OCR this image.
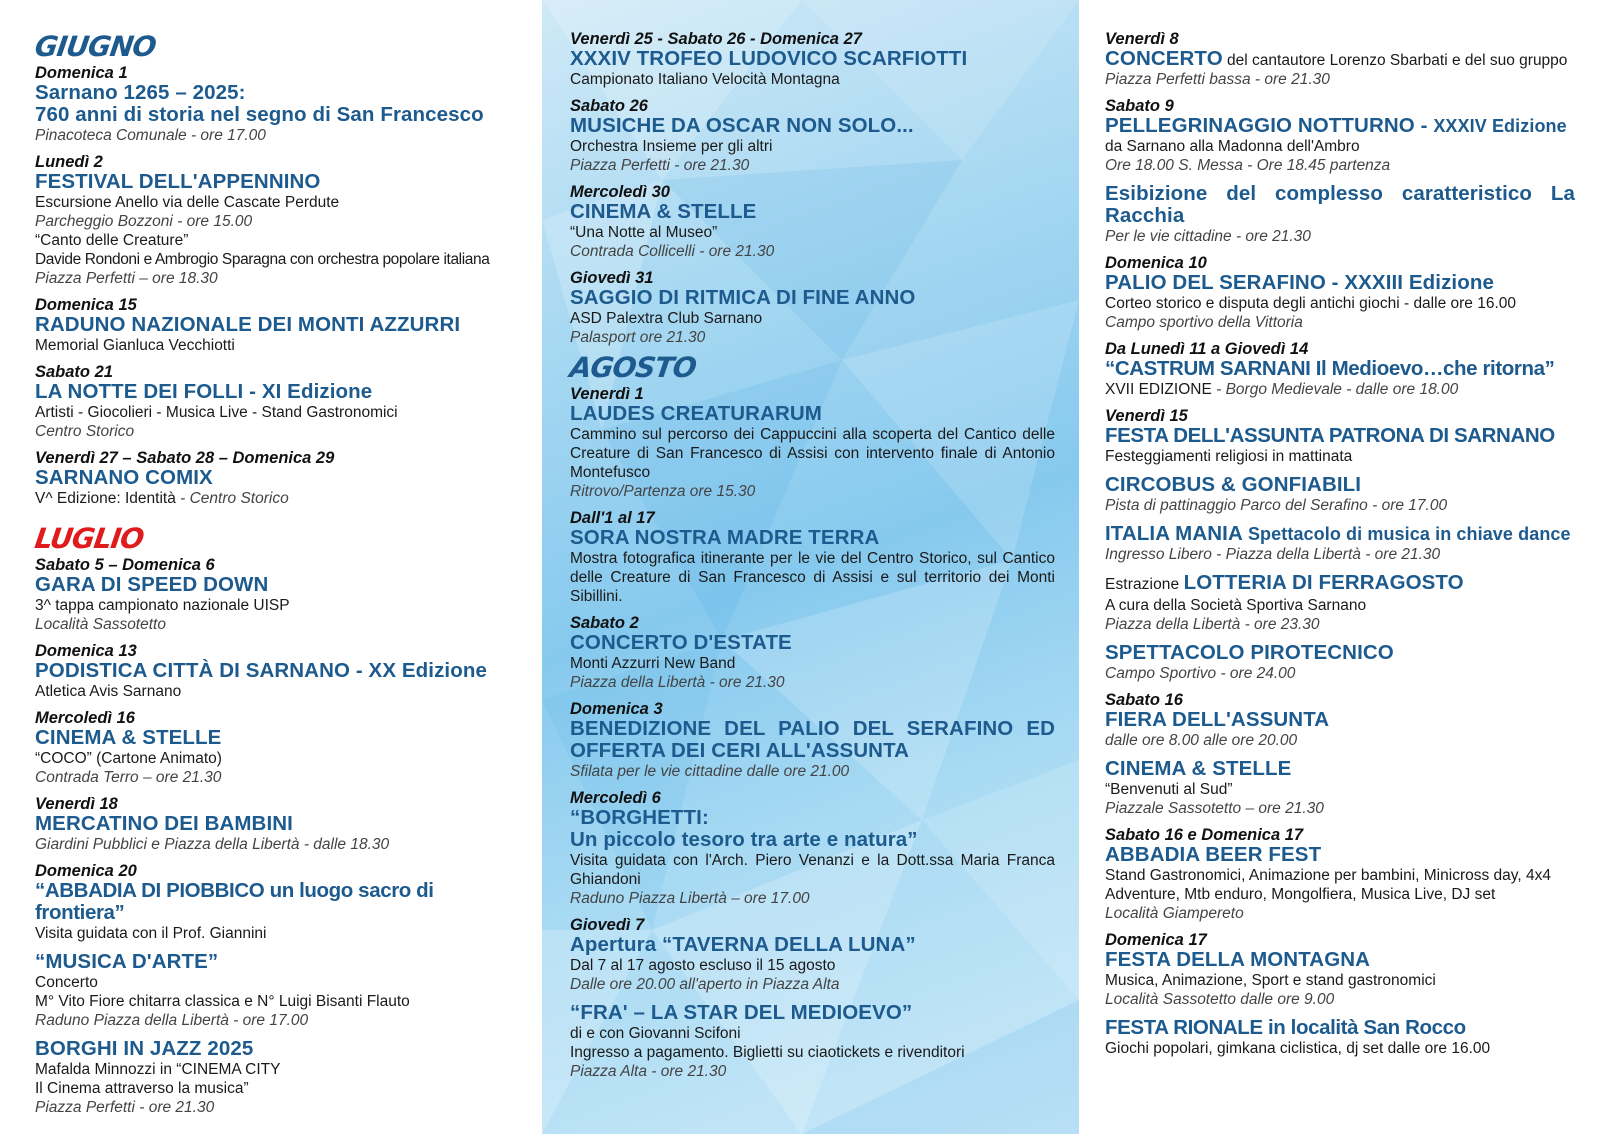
GIUGNO
Domenica 1
Sarnano 1265 – 2025:
760 anni di storia nel segno di San Francesco
Pinacoteca Comunale - ore 17.00
Lunedì 2
FESTIVAL DELL'APPENNINO
Escursione Anello via delle Cascate Perdute
Parcheggio Bozzoni - ore 15.00
“Canto delle Creature”
Davide Rondoni e Ambrogio Sparagna con orchestra popolare italiana
Piazza Perfetti – ore 18.30
Domenica 15
RADUNO NAZIONALE DEI MONTI AZZURRI
Memorial Gianluca Vecchiotti
Sabato 21
LA NOTTE DEI FOLLI - XI Edizione
Artisti - Giocolieri - Musica Live - Stand Gastronomici
Centro Storico
Venerdì 27 – Sabato 28 – Domenica 29
SARNANO COMIX
V^ Edizione: Identità - Centro Storico
LUGLIO
Sabato 5 – Domenica 6
GARA DI SPEED DOWN
3^ tappa campionato nazionale UISP
Località Sassotetto
Domenica 13
PODISTICA CITTÀ DI SARNANO - XX Edizione
Atletica Avis Sarnano
Mercoledì 16
CINEMA & STELLE
“COCO” (Cartone Animato)
Contrada Terro – ore 21.30
Venerdì 18
MERCATINO DEI BAMBINI
Giardini Pubblici e Piazza della Libertà - dalle 18.30
Domenica 20
“ABBADIA DI PIOBBICO un luogo sacro di frontiera”
Visita guidata con il Prof. Giannini
“MUSICA D'ARTE”
Concerto
M° Vito Fiore chitarra classica e N° Luigi Bisanti Flauto
Raduno Piazza della Libertà - ore 17.00
BORGHI IN JAZZ 2025
Mafalda Minnozzi in “CINEMA CITY
Il Cinema attraverso la musica”
Piazza Perfetti - ore 21.30
Venerdì 25 - Sabato 26 - Domenica 27
XXXIV TROFEO LUDOVICO SCARFIOTTI
Campionato Italiano Velocità Montagna
Sabato 26
MUSICHE DA OSCAR NON SOLO...
Orchestra Insieme per gli altri
Piazza Perfetti - ore 21.30
Mercoledì 30
CINEMA & STELLE
“Una Notte al Museo”
Contrada Collicelli - ore 21.30
Giovedì 31
SAGGIO DI RITMICA DI FINE ANNO
ASD Palextra Club Sarnano
Palasport ore 21.30
AGOSTO
Venerdì 1
LAUDES CREATURARUM
Cammino sul percorso dei Cappuccini alla scoperta del Cantico delle Creature di San Francesco di Assisi con intervento finale di Antonio Montefusco
Ritrovo/Partenza ore 15.30
Dall'1 al 17
SORA NOSTRA MADRE TERRA
Mostra fotografica itinerante per le vie del Centro Storico, sul Cantico delle Creature di San Francesco di Assisi e sul territorio dei Monti Sibillini.
Sabato 2
CONCERTO D'ESTATE
Monti Azzurri New Band
Piazza della Libertà - ore 21.30
Domenica 3
BENEDIZIONE DEL PALIO DEL SERAFINO ED OFFERTA DEI CERI ALL'ASSUNTA
Sfilata per le vie cittadine dalle ore 21.00
Mercoledì 6
“BORGHETTI:
Un piccolo tesoro tra arte e natura”
Visita guidata con l'Arch. Piero Venanzi e la Dott.ssa Maria Franca Ghiandoni
Raduno Piazza Libertà – ore 17.00
Giovedì 7
Apertura “TAVERNA DELLA LUNA”
Dal 7 al 17 agosto escluso il 15 agosto
Dalle ore 20.00 all'aperto in Piazza Alta
“FRA' – LA STAR DEL MEDIOEVO”
di e con Giovanni Scifoni
Ingresso a pagamento. Biglietti su ciaotickets e rivenditori
Piazza Alta - ore 21.30
Venerdì 8
CONCERTO del cantautore Lorenzo Sbarbati e del suo gruppo
Piazza Perfetti bassa - ore 21.30
Sabato 9
PELLEGRINAGGIO NOTTURNO - XXXIV Edizione
da Sarnano alla Madonna dell'Ambro
Ore 18.00 S. Messa - Ore 18.45 partenza
Esibizione del complesso caratteristico La Racchia
Per le vie cittadine - ore 21.30
Domenica 10
PALIO DEL SERAFINO - XXXIII Edizione
Corteo storico e disputa degli antichi giochi - dalle ore 16.00
Campo sportivo della Vittoria
Da Lunedì 11 a Giovedì 14
“CASTRUM SARNANI Il Medioevo…che ritorna”
XVII EDIZIONE - Borgo Medievale - dalle ore 18.00
Venerdì 15
FESTA DELL'ASSUNTA PATRONA DI SARNANO
Festeggiamenti religiosi in mattinata
CIRCOBUS & GONFIABILI
Pista di pattinaggio Parco del Serafino - ore 17.00
ITALIA MANIA Spettacolo di musica in chiave dance
Ingresso Libero - Piazza della Libertà - ore 21.30
Estrazione LOTTERIA DI FERRAGOSTO
A cura della Società Sportiva Sarnano
Piazza della Libertà - ore 23.30
SPETTACOLO PIROTECNICO
Campo Sportivo - ore 24.00
Sabato 16
FIERA DELL'ASSUNTA
dalle ore 8.00 alle ore 20.00
CINEMA & STELLE
“Benvenuti al Sud”
Piazzale Sassotetto – ore 21.30
Sabato 16 e Domenica 17
ABBADIA BEER FEST
Stand Gastronomici, Animazione per bambini, Minicross day, 4x4 Adventure, Mtb enduro, Mongolfiera, Musica Live, DJ set
Località Giampereto
Domenica 17
FESTA DELLA MONTAGNA
Musica, Animazione, Sport e stand gastronomici
Località Sassotetto dalle ore 9.00
FESTA RIONALE in località San Rocco
Giochi popolari, gimkana ciclistica, dj set dalle ore 16.00
